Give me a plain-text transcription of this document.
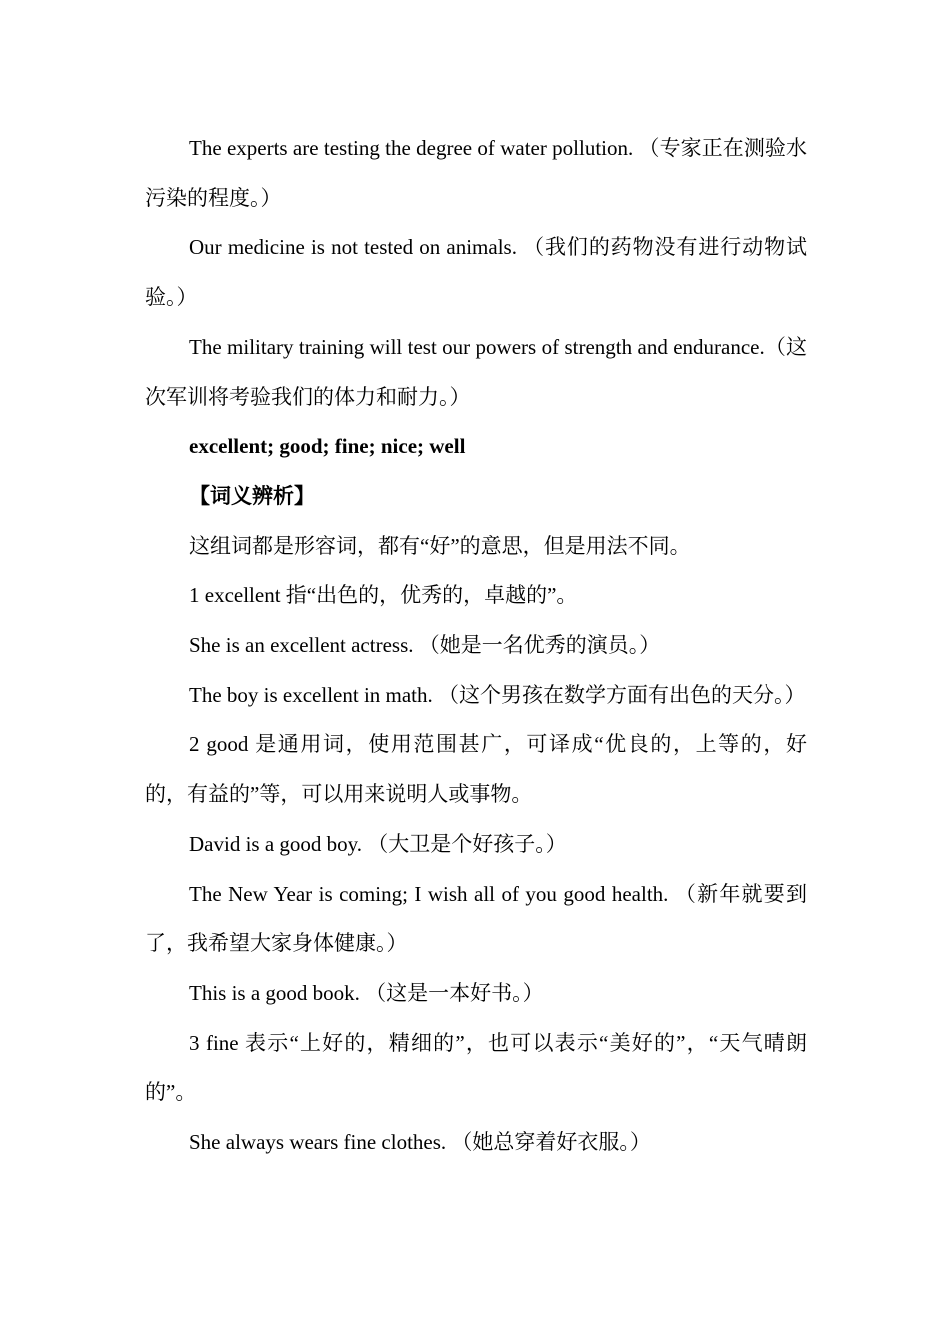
The experts are testing the degree of water pollution. （专家正在测验水污染的程度。）

Our medicine is not tested on animals. （我们的药物没有进行动物试验。）

The military training will test our powers of strength and endurance.（这次军训将考验我们的体力和耐力。）

excellent; good; fine; nice; well

【词义辨析】

这组词都是形容词，都有“好”的意思，但是用法不同。

1 excellent 指“出色的，优秀的，卓越的”。

She is an excellent actress. （她是一名优秀的演员。）

The boy is excellent in math. （这个男孩在数学方面有出色的天分。）

2 good 是通用词，使用范围甚广，可译成“优良的，上等的，好的，有益的”等，可以用来说明人或事物。

David is a good boy. （大卫是个好孩子。）

The New Year is coming; I wish all of you good health. （新年就要到了，我希望大家身体健康。）

This is a good book. （这是一本好书。）

3 fine 表示“上好的，精细的”，也可以表示“美好的”，“天气晴朗的”。

She always wears fine clothes. （她总穿着好衣服。）
